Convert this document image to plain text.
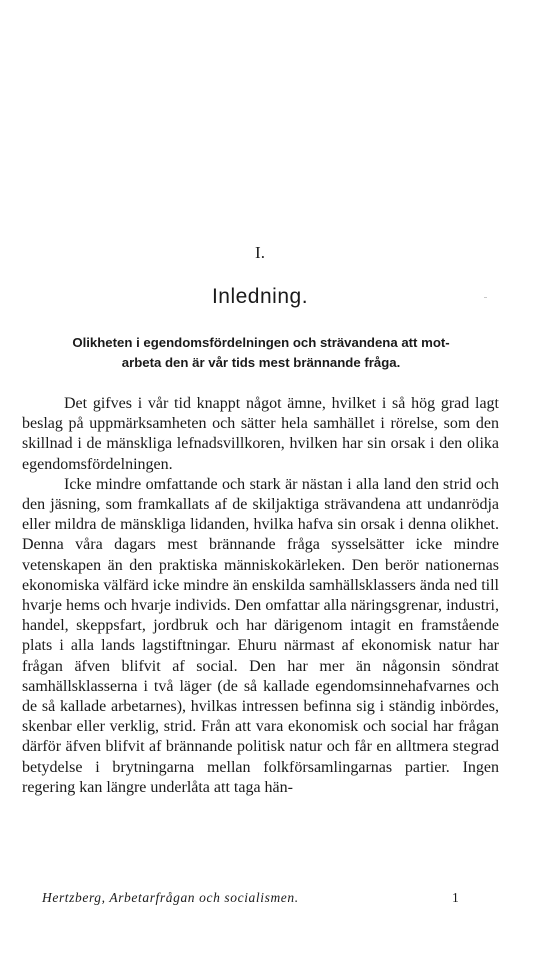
I.
Inledning.
Olikheten i egendomsfördelningen och strävandena att mot-
arbeta den är vår tids mest brännande fråga.

Det gifves i vår tid knappt något ämne, hvilket i så hög grad lagt beslag på uppmärksamheten och sätter hela samhället i rörelse, som den skillnad i de mänskliga lefnadsvillkoren, hvilken har sin orsak i den olika egendomsfördelningen.

Icke mindre omfattande och stark är nästan i alla land den strid och den jäsning, som framkallats af de skiljaktiga strävandena att undanrödja eller mildra de mänskliga lidanden, hvilka hafva sin orsak i denna olikhet. Denna våra dagars mest brännande fråga sysselsätter icke mindre vetenskapen än den praktiska människokärleken. Den berör nationernas ekonomiska välfärd icke mindre än enskilda samhällsklassers ända ned till hvarje hems och hvarje individs. Den omfattar alla näringsgrenar, industri, handel, skeppsfart, jordbruk och har därigenom intagit en framstående plats i alla lands lagstiftningar. Ehuru närmast af ekonomisk natur har frågan äfven blifvit af social. Den har mer än någonsin söndrat samhällsklasserna i två läger (de så kallade egendomsinnehafvarnes och de så kallade arbetarnes), hvilkas intressen befinna sig i ständig inbördes, skenbar eller verklig, strid. Från att vara ekonomisk och social har frågan därför äfven blifvit af brännande politisk natur och får en alltmera stegrad betydelse i brytningarna mellan folkförsamlingarnas partier. Ingen regering kan längre underlåta att taga hän-

Hertzberg, Arbetarfrågan och socialismen.	1
